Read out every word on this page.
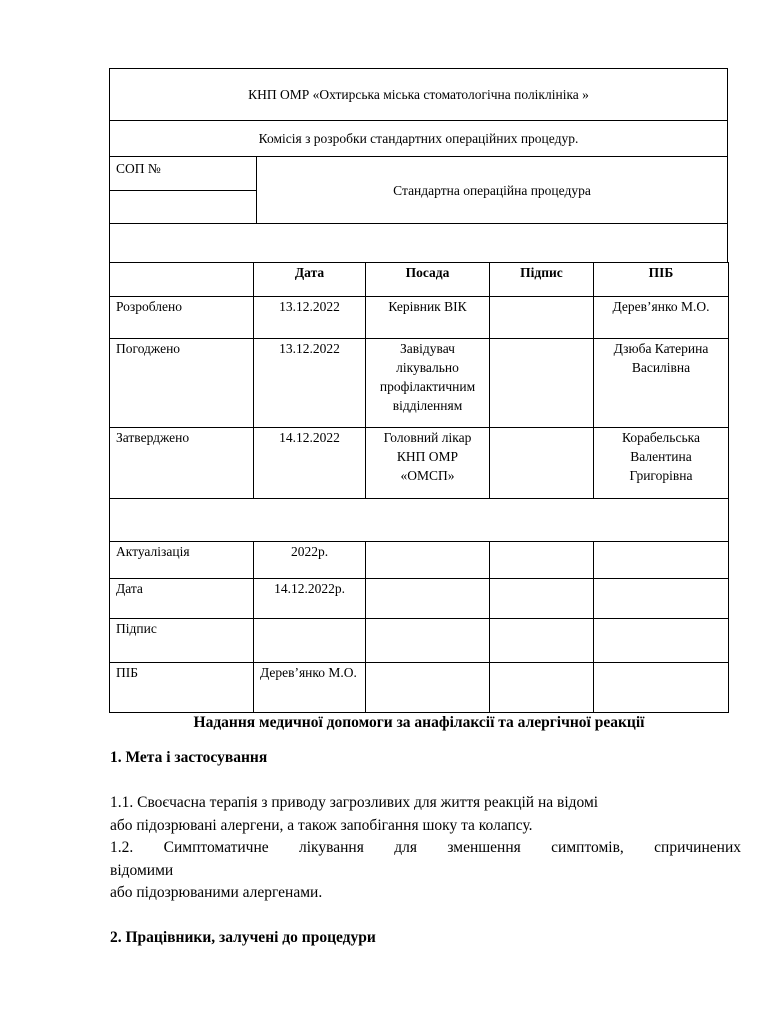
КНП ОМР «Охтирська міська стоматологічна поліклініка »
Комісія з розробки стандартних операційних процедур.
СОП №	Стандартна операційна процедура

	Дата	Посада	Підпис	ПІБ
Розроблено	13.12.2022	Керівник ВІК		Дерев’янко М.О.
Погоджено	13.12.2022	Завідувач лікувально профілактичним відділенням		Дзюба Катерина Василівна
Затверджено	14.12.2022	Головний лікар КНП ОМР «ОМСП»		Корабельська Валентина Григорівна

Актуалізація	2022р.			
Дата	14.12.2022р.			
Підпис				
ПІБ	Дерев’янко М.О.			
Надання медичної допомоги за анафілаксії та алергічної реакції
1. Мета і застосування
1.1. Своєчасна терапія з приводу загрозливих для життя реакцій на відомі
або підозрювані алергени, а також запобігання шоку та колапсу.
1.2. Симптоматичне лікування для зменшення симптомів, спричинених
відомими
або підозрюваними алергенами.
2. Працівники, залучені до процедури
